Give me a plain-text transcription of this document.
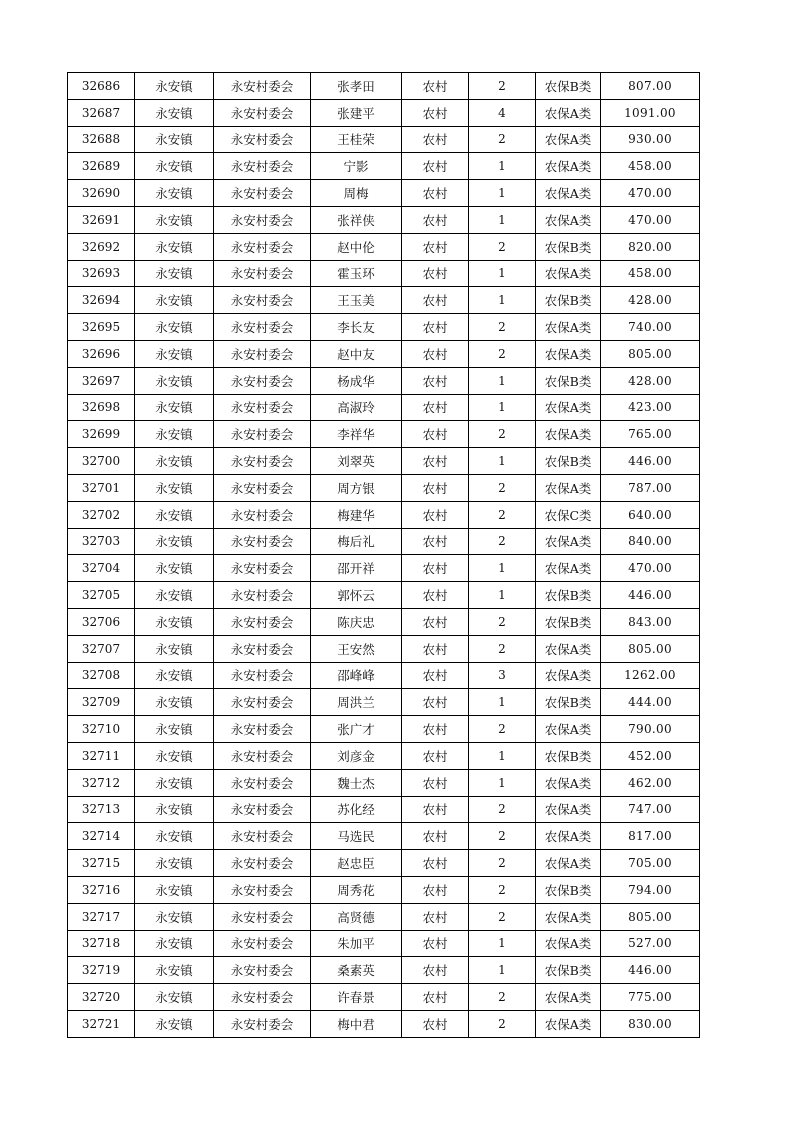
32686	永安镇	永安村委会	张孝田	农村	2	农保B类	807.00
32687	永安镇	永安村委会	张建平	农村	4	农保A类	1091.00
32688	永安镇	永安村委会	王桂荣	农村	2	农保A类	930.00
32689	永安镇	永安村委会	宁影	农村	1	农保A类	458.00
32690	永安镇	永安村委会	周梅	农村	1	农保A类	470.00
32691	永安镇	永安村委会	张祥侠	农村	1	农保A类	470.00
32692	永安镇	永安村委会	赵中伦	农村	2	农保B类	820.00
32693	永安镇	永安村委会	霍玉环	农村	1	农保A类	458.00
32694	永安镇	永安村委会	王玉美	农村	1	农保B类	428.00
32695	永安镇	永安村委会	李长友	农村	2	农保A类	740.00
32696	永安镇	永安村委会	赵中友	农村	2	农保A类	805.00
32697	永安镇	永安村委会	杨成华	农村	1	农保B类	428.00
32698	永安镇	永安村委会	高淑玲	农村	1	农保A类	423.00
32699	永安镇	永安村委会	李祥华	农村	2	农保A类	765.00
32700	永安镇	永安村委会	刘翠英	农村	1	农保B类	446.00
32701	永安镇	永安村委会	周方银	农村	2	农保A类	787.00
32702	永安镇	永安村委会	梅建华	农村	2	农保C类	640.00
32703	永安镇	永安村委会	梅后礼	农村	2	农保A类	840.00
32704	永安镇	永安村委会	邵开祥	农村	1	农保A类	470.00
32705	永安镇	永安村委会	郭怀云	农村	1	农保B类	446.00
32706	永安镇	永安村委会	陈庆忠	农村	2	农保B类	843.00
32707	永安镇	永安村委会	王安然	农村	2	农保A类	805.00
32708	永安镇	永安村委会	邵峰峰	农村	3	农保A类	1262.00
32709	永安镇	永安村委会	周洪兰	农村	1	农保B类	444.00
32710	永安镇	永安村委会	张广才	农村	2	农保A类	790.00
32711	永安镇	永安村委会	刘彦金	农村	1	农保B类	452.00
32712	永安镇	永安村委会	魏士杰	农村	1	农保A类	462.00
32713	永安镇	永安村委会	苏化经	农村	2	农保A类	747.00
32714	永安镇	永安村委会	马选民	农村	2	农保A类	817.00
32715	永安镇	永安村委会	赵忠臣	农村	2	农保A类	705.00
32716	永安镇	永安村委会	周秀花	农村	2	农保B类	794.00
32717	永安镇	永安村委会	高贤德	农村	2	农保A类	805.00
32718	永安镇	永安村委会	朱加平	农村	1	农保A类	527.00
32719	永安镇	永安村委会	桑素英	农村	1	农保B类	446.00
32720	永安镇	永安村委会	许春景	农村	2	农保A类	775.00
32721	永安镇	永安村委会	梅中君	农村	2	农保A类	830.00
